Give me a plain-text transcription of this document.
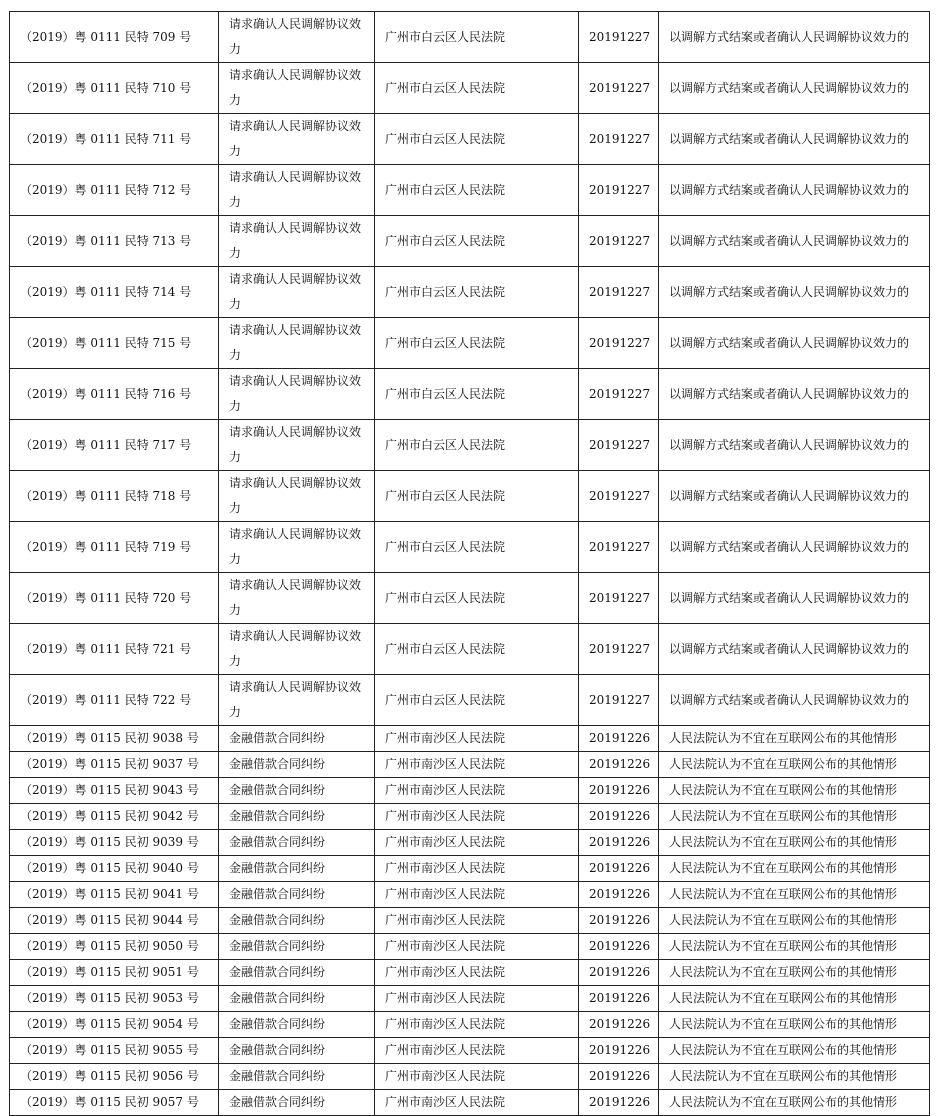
（2019）粤 0111 民特 709 号	请求确认人民调解协议效力	广州市白云区人民法院	20191227	以调解方式结案或者确认人民调解协议效力的
（2019）粤 0111 民特 710 号	请求确认人民调解协议效力	广州市白云区人民法院	20191227	以调解方式结案或者确认人民调解协议效力的
（2019）粤 0111 民特 711 号	请求确认人民调解协议效力	广州市白云区人民法院	20191227	以调解方式结案或者确认人民调解协议效力的
（2019）粤 0111 民特 712 号	请求确认人民调解协议效力	广州市白云区人民法院	20191227	以调解方式结案或者确认人民调解协议效力的
（2019）粤 0111 民特 713 号	请求确认人民调解协议效力	广州市白云区人民法院	20191227	以调解方式结案或者确认人民调解协议效力的
（2019）粤 0111 民特 714 号	请求确认人民调解协议效力	广州市白云区人民法院	20191227	以调解方式结案或者确认人民调解协议效力的
（2019）粤 0111 民特 715 号	请求确认人民调解协议效力	广州市白云区人民法院	20191227	以调解方式结案或者确认人民调解协议效力的
（2019）粤 0111 民特 716 号	请求确认人民调解协议效力	广州市白云区人民法院	20191227	以调解方式结案或者确认人民调解协议效力的
（2019）粤 0111 民特 717 号	请求确认人民调解协议效力	广州市白云区人民法院	20191227	以调解方式结案或者确认人民调解协议效力的
（2019）粤 0111 民特 718 号	请求确认人民调解协议效力	广州市白云区人民法院	20191227	以调解方式结案或者确认人民调解协议效力的
（2019）粤 0111 民特 719 号	请求确认人民调解协议效力	广州市白云区人民法院	20191227	以调解方式结案或者确认人民调解协议效力的
（2019）粤 0111 民特 720 号	请求确认人民调解协议效力	广州市白云区人民法院	20191227	以调解方式结案或者确认人民调解协议效力的
（2019）粤 0111 民特 721 号	请求确认人民调解协议效力	广州市白云区人民法院	20191227	以调解方式结案或者确认人民调解协议效力的
（2019）粤 0111 民特 722 号	请求确认人民调解协议效力	广州市白云区人民法院	20191227	以调解方式结案或者确认人民调解协议效力的
（2019）粤 0115 民初 9038 号	金融借款合同纠纷	广州市南沙区人民法院	20191226	人民法院认为不宜在互联网公布的其他情形
（2019）粤 0115 民初 9037 号	金融借款合同纠纷	广州市南沙区人民法院	20191226	人民法院认为不宜在互联网公布的其他情形
（2019）粤 0115 民初 9043 号	金融借款合同纠纷	广州市南沙区人民法院	20191226	人民法院认为不宜在互联网公布的其他情形
（2019）粤 0115 民初 9042 号	金融借款合同纠纷	广州市南沙区人民法院	20191226	人民法院认为不宜在互联网公布的其他情形
（2019）粤 0115 民初 9039 号	金融借款合同纠纷	广州市南沙区人民法院	20191226	人民法院认为不宜在互联网公布的其他情形
（2019）粤 0115 民初 9040 号	金融借款合同纠纷	广州市南沙区人民法院	20191226	人民法院认为不宜在互联网公布的其他情形
（2019）粤 0115 民初 9041 号	金融借款合同纠纷	广州市南沙区人民法院	20191226	人民法院认为不宜在互联网公布的其他情形
（2019）粤 0115 民初 9044 号	金融借款合同纠纷	广州市南沙区人民法院	20191226	人民法院认为不宜在互联网公布的其他情形
（2019）粤 0115 民初 9050 号	金融借款合同纠纷	广州市南沙区人民法院	20191226	人民法院认为不宜在互联网公布的其他情形
（2019）粤 0115 民初 9051 号	金融借款合同纠纷	广州市南沙区人民法院	20191226	人民法院认为不宜在互联网公布的其他情形
（2019）粤 0115 民初 9053 号	金融借款合同纠纷	广州市南沙区人民法院	20191226	人民法院认为不宜在互联网公布的其他情形
（2019）粤 0115 民初 9054 号	金融借款合同纠纷	广州市南沙区人民法院	20191226	人民法院认为不宜在互联网公布的其他情形
（2019）粤 0115 民初 9055 号	金融借款合同纠纷	广州市南沙区人民法院	20191226	人民法院认为不宜在互联网公布的其他情形
（2019）粤 0115 民初 9056 号	金融借款合同纠纷	广州市南沙区人民法院	20191226	人民法院认为不宜在互联网公布的其他情形
（2019）粤 0115 民初 9057 号	金融借款合同纠纷	广州市南沙区人民法院	20191226	人民法院认为不宜在互联网公布的其他情形
